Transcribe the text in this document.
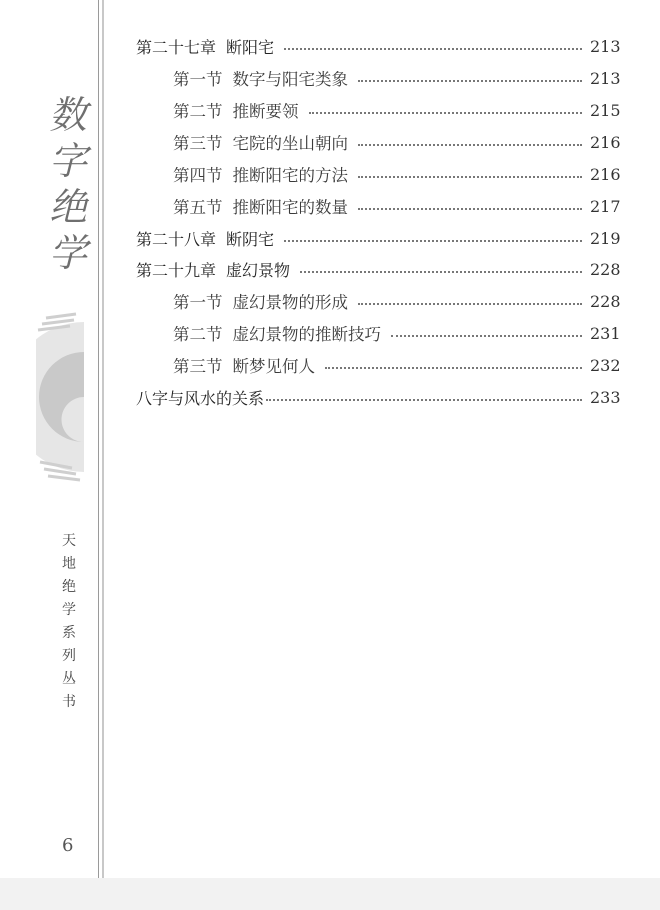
数
字
绝
学
天
地
绝
学
系
列
丛
书
6
第二十七章 断阳宅	213
第一节 数字与阳宅类象	213
第二节 推断要领	215
第三节 宅院的坐山朝向	216
第四节 推断阳宅的方法	216
第五节 推断阳宅的数量	217
第二十八章 断阴宅	219
第二十九章 虚幻景物	228
第一节 虚幻景物的形成	228
第二节 虚幻景物的推断技巧	231
第三节 断梦见何人	232
八字与风水的关系	233
